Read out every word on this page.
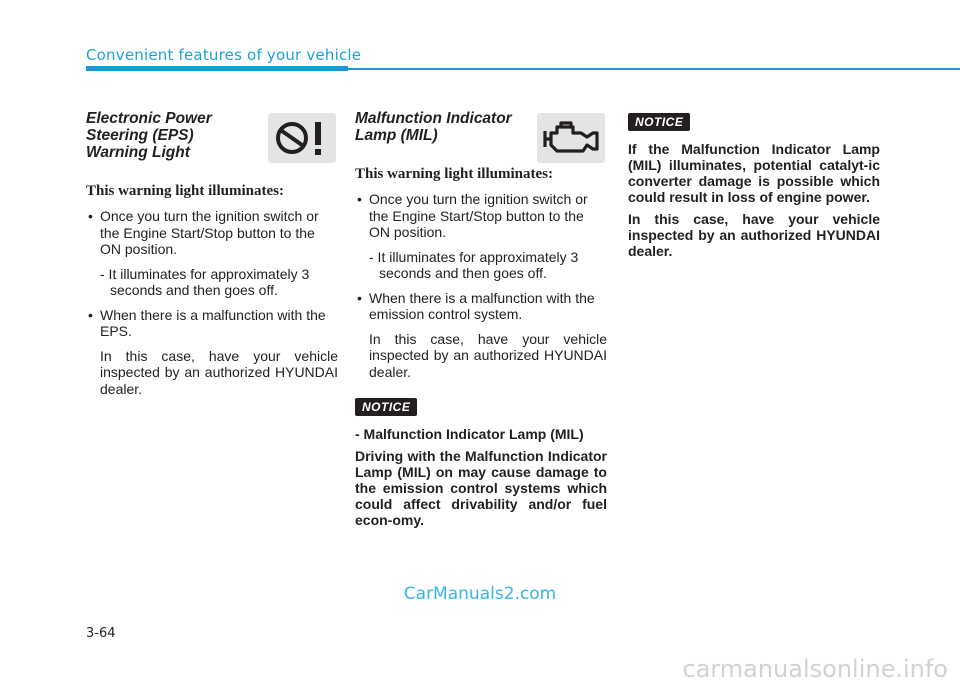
Convenient features of your vehicle
Electronic Power Steering (EPS) Warning Light
This warning light illuminates:

• Once you turn the ignition switch or the Engine Start/Stop button to the ON position.

- It illuminates for approximately 3 seconds and then goes off.

• When there is a malfunction with the EPS.

In this case, have your vehicle inspected by an authorized HYUNDAI dealer.

Malfunction Indicator Lamp (MIL)
This warning light illuminates:

• Once you turn the ignition switch or the Engine Start/Stop button to the ON position.

- It illuminates for approximately 3 seconds and then goes off.

• When there is a malfunction with the emission control system.

In this case, have your vehicle inspected by an authorized HYUNDAI dealer.

NOTICE
- Malfunction Indicator Lamp (MIL)
Driving with the Malfunction Indicator Lamp (MIL) on may cause damage to the emission control systems which could affect drivability and/or fuel econ-omy.
NOTICE
If the Malfunction Indicator Lamp (MIL) illuminates, potential catalyt-ic converter damage is possible which could result in loss of engine power.
In this case, have your vehicle inspected by an authorized HYUNDAI dealer.
3-64
CarManuals2.com
carmanualsonline.info
